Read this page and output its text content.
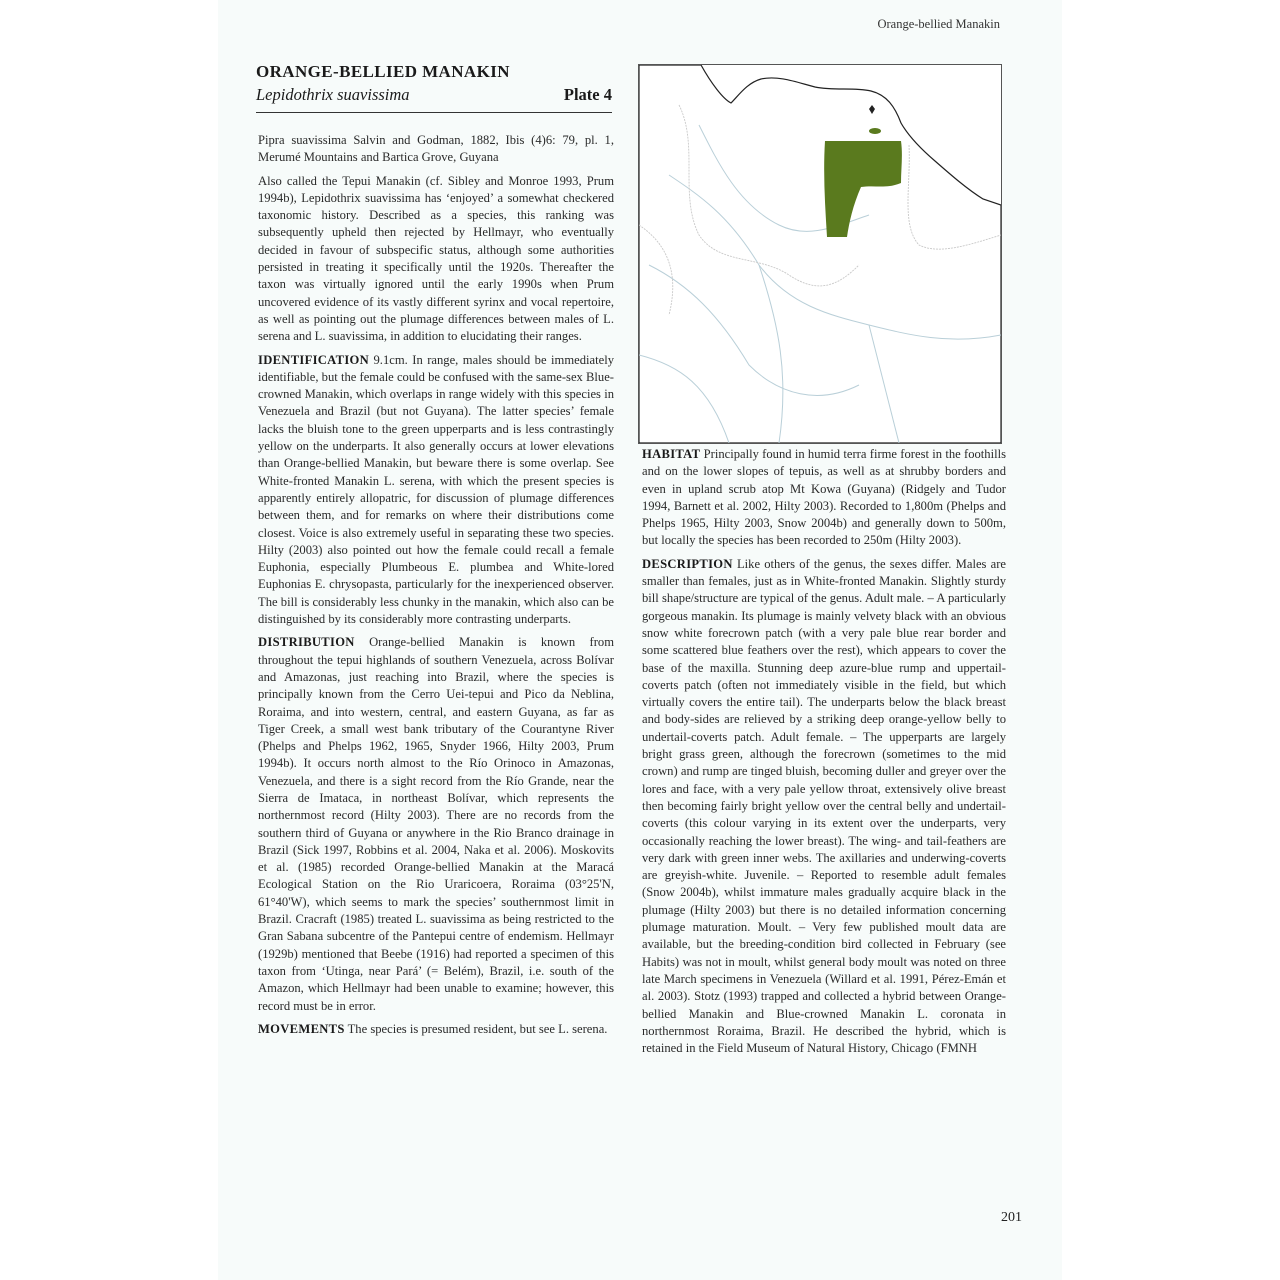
Orange-bellied Manakin
ORANGE-BELLIED MANAKIN
Lepidothrix suavissima	Plate 4

Pipra suavissima Salvin and Godman, 1882, Ibis (4)6: 79, pl. 1, Merumé Mountains and Bartica Grove, Guyana

Also called the Tepui Manakin (cf. Sibley and Monroe 1993, Prum 1994b), Lepidothrix suavissima has ‘enjoyed’ a somewhat checkered taxonomic history. Described as a species, this ranking was subsequently upheld then rejected by Hellmayr, who eventually decided in favour of subspecific status, although some authorities persisted in treating it specifically until the 1920s. Thereafter the taxon was virtually ignored until the early 1990s when Prum uncovered evidence of its vastly different syrinx and vocal repertoire, as well as pointing out the plumage differences between males of L. serena and L. suavissima, in addition to elucidating their ranges.

IDENTIFICATION 9.1cm. In range, males should be immediately identifiable, but the female could be confused with the same-sex Blue-crowned Manakin, which overlaps in range widely with this species in Venezuela and Brazil (but not Guyana). The latter species’ female lacks the bluish tone to the green upperparts and is less contrastingly yellow on the underparts. It also generally occurs at lower elevations than Orange-bellied Manakin, but beware there is some overlap. See White-fronted Manakin L. serena, with which the present species is apparently entirely allopatric, for discussion of plumage differences between them, and for remarks on where their distributions come closest. Voice is also extremely useful in separating these two species. Hilty (2003) also pointed out how the female could recall a female Euphonia, especially Plumbeous E. plumbea and White-lored Euphonias E. chrysopasta, particularly for the inexperienced observer. The bill is considerably less chunky in the manakin, which also can be distinguished by its considerably more contrasting underparts.

DISTRIBUTION Orange-bellied Manakin is known from throughout the tepui highlands of southern Venezuela, across Bolívar and Amazonas, just reaching into Brazil, where the species is principally known from the Cerro Uei-tepui and Pico da Neblina, Roraima, and into western, central, and eastern Guyana, as far as Tiger Creek, a small west bank tributary of the Courantyne River (Phelps and Phelps 1962, 1965, Snyder 1966, Hilty 2003, Prum 1994b). It occurs north almost to the Río Orinoco in Amazonas, Venezuela, and there is a sight record from the Río Grande, near the Sierra de Imataca, in northeast Bolívar, which represents the northernmost record (Hilty 2003). There are no records from the southern third of Guyana or anywhere in the Rio Branco drainage in Brazil (Sick 1997, Robbins et al. 2004, Naka et al. 2006). Moskovits et al. (1985) recorded Orange-bellied Manakin at the Maracá Ecological Station on the Rio Uraricoera, Roraima (03°25'N, 61°40'W), which seems to mark the species’ southernmost limit in Brazil. Cracraft (1985) treated L. suavissima as being restricted to the Gran Sabana subcentre of the Pantepui centre of endemism. Hellmayr (1929b) mentioned that Beebe (1916) had reported a specimen of this taxon from ‘Utinga, near Pará’ (= Belém), Brazil, i.e. south of the Amazon, which Hellmayr had been unable to examine; however, this record must be in error.

MOVEMENTS The species is presumed resident, but see L. serena.

HABITAT Principally found in humid terra firme forest in the foothills and on the lower slopes of tepuis, as well as at shrubby borders and even in upland scrub atop Mt Kowa (Guyana) (Ridgely and Tudor 1994, Barnett et al. 2002, Hilty 2003). Recorded to 1,800m (Phelps and Phelps 1965, Hilty 2003, Snow 2004b) and generally down to 500m, but locally the species has been recorded to 250m (Hilty 2003).

DESCRIPTION Like others of the genus, the sexes differ. Males are smaller than females, just as in White-fronted Manakin. Slightly sturdy bill shape/structure are typical of the genus. Adult male. – A particularly gorgeous manakin. Its plumage is mainly velvety black with an obvious snow white forecrown patch (with a very pale blue rear border and some scattered blue feathers over the rest), which appears to cover the base of the maxilla. Stunning deep azure-blue rump and uppertail-coverts patch (often not immediately visible in the field, but which virtually covers the entire tail). The underparts below the black breast and body-sides are relieved by a striking deep orange-yellow belly to undertail-coverts patch. Adult female. – The upperparts are largely bright grass green, although the forecrown (sometimes to the mid crown) and rump are tinged bluish, becoming duller and greyer over the lores and face, with a very pale yellow throat, extensively olive breast then becoming fairly bright yellow over the central belly and undertail-coverts (this colour varying in its extent over the underparts, very occasionally reaching the lower breast). The wing- and tail-feathers are very dark with green inner webs. The axillaries and underwing-coverts are greyish-white. Juvenile. – Reported to resemble adult females (Snow 2004b), whilst immature males gradually acquire black in the plumage (Hilty 2003) but there is no detailed information concerning plumage maturation. Moult. – Very few published moult data are available, but the breeding-condition bird collected in February (see Habits) was not in moult, whilst general body moult was noted on three late March specimens in Venezuela (Willard et al. 1991, Pérez-Emán et al. 2003). Stotz (1993) trapped and collected a hybrid between Orange-bellied Manakin and Blue-crowned Manakin L. coronata in northernmost Roraima, Brazil. He described the hybrid, which is retained in the Field Museum of Natural History, Chicago (FMNH

201
